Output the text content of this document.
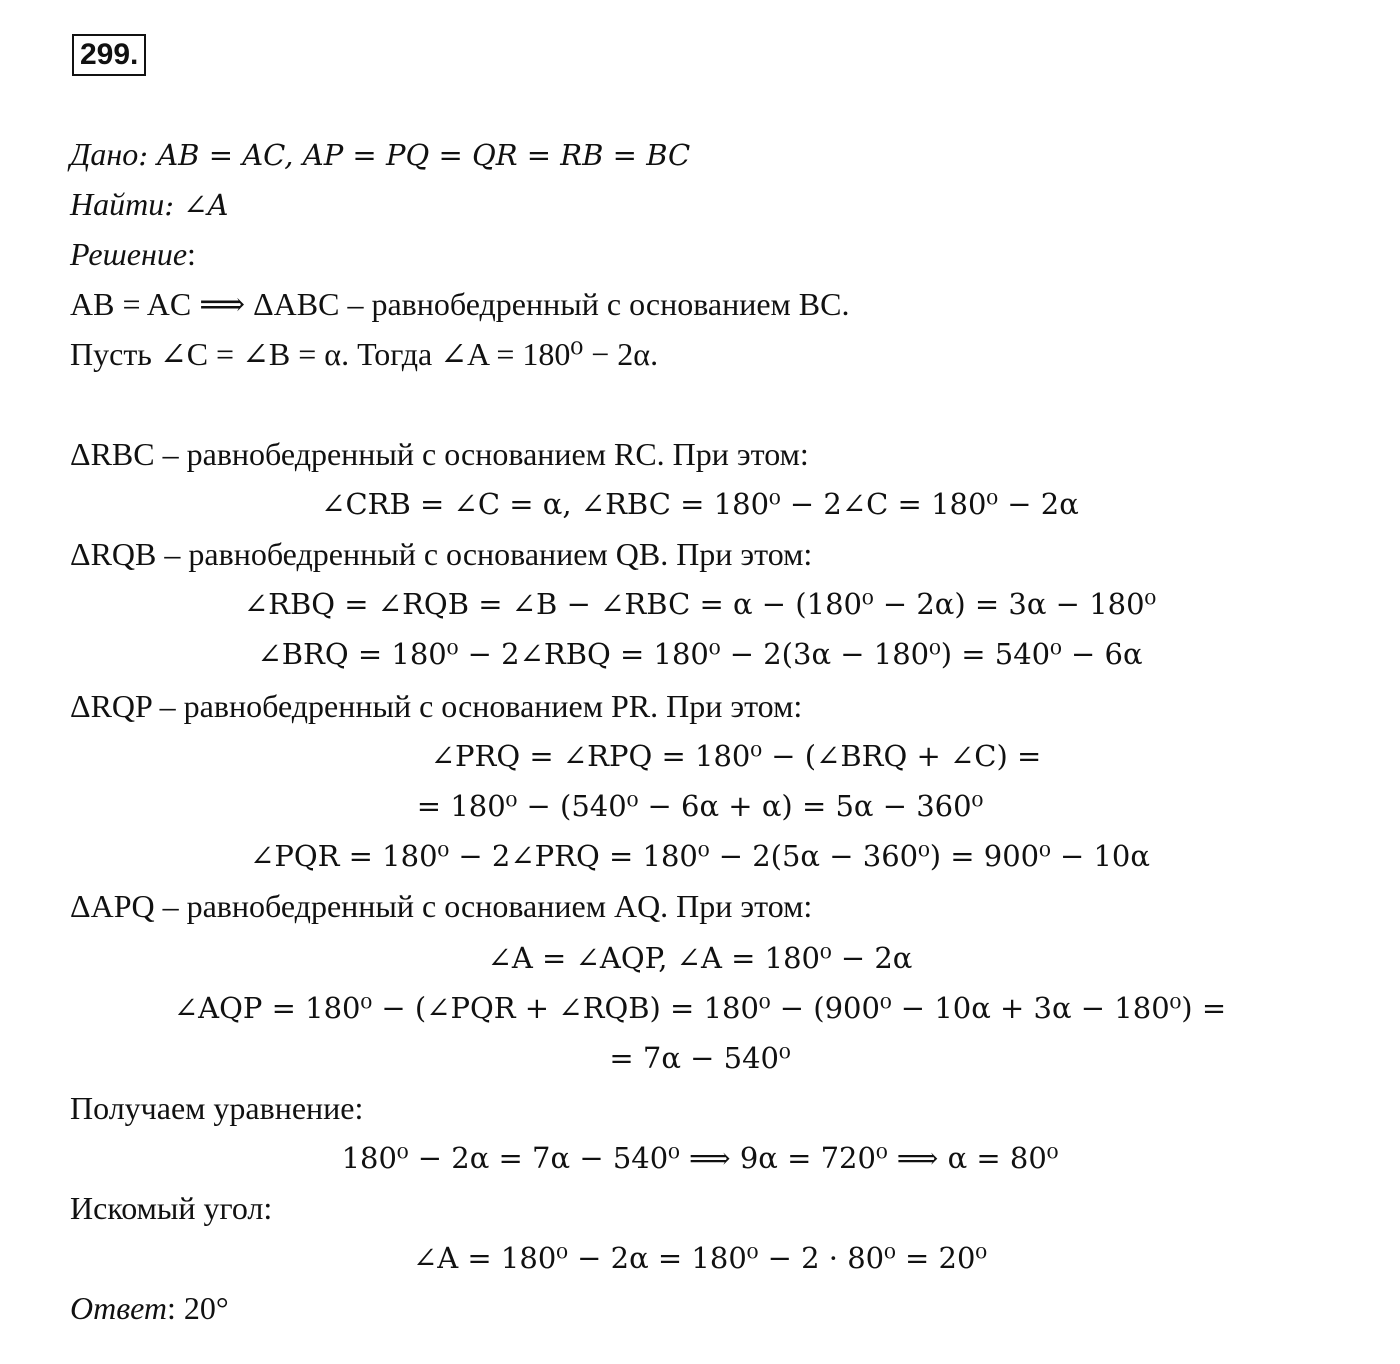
299.
Дано: AB = AC, AP = PQ = QR = RB = BC
Найти: ∠A
Решение:
AB = AC ⟹ ΔABC – равнобедренный с основанием BC.
Пусть ∠C = ∠B = α. Тогда ∠A = 180⁰ − 2α.
ΔRBC – равнобедренный с основанием RC. При этом:
∠CRB = ∠C = α, ∠RBC = 180⁰ − 2∠C = 180⁰ − 2α
ΔRQB – равнобедренный с основанием QB. При этом:
∠RBQ = ∠RQB = ∠B − ∠RBC = α − (180⁰ − 2α) = 3α − 180⁰
∠BRQ = 180⁰ − 2∠RBQ = 180⁰ − 2(3α − 180⁰) = 540⁰ − 6α
ΔRQP – равнобедренный с основанием PR. При этом:
∠PRQ = ∠RPQ = 180⁰ − (∠BRQ + ∠C) =
= 180⁰ − (540⁰ − 6α + α) = 5α − 360⁰
∠PQR = 180⁰ − 2∠PRQ = 180⁰ − 2(5α − 360⁰) = 900⁰ − 10α
ΔAPQ – равнобедренный с основанием AQ. При этом:
∠A = ∠AQP, ∠A = 180⁰ − 2α
∠AQP = 180⁰ − (∠PQR + ∠RQB) = 180⁰ − (900⁰ − 10α + 3α − 180⁰) =
= 7α − 540⁰
Получаем уравнение:
180⁰ − 2α = 7α − 540⁰ ⟹ 9α = 720⁰ ⟹ α = 80⁰
Искомый угол:
∠A = 180⁰ − 2α = 180⁰ − 2 · 80⁰ = 20⁰
Ответ: 20°
